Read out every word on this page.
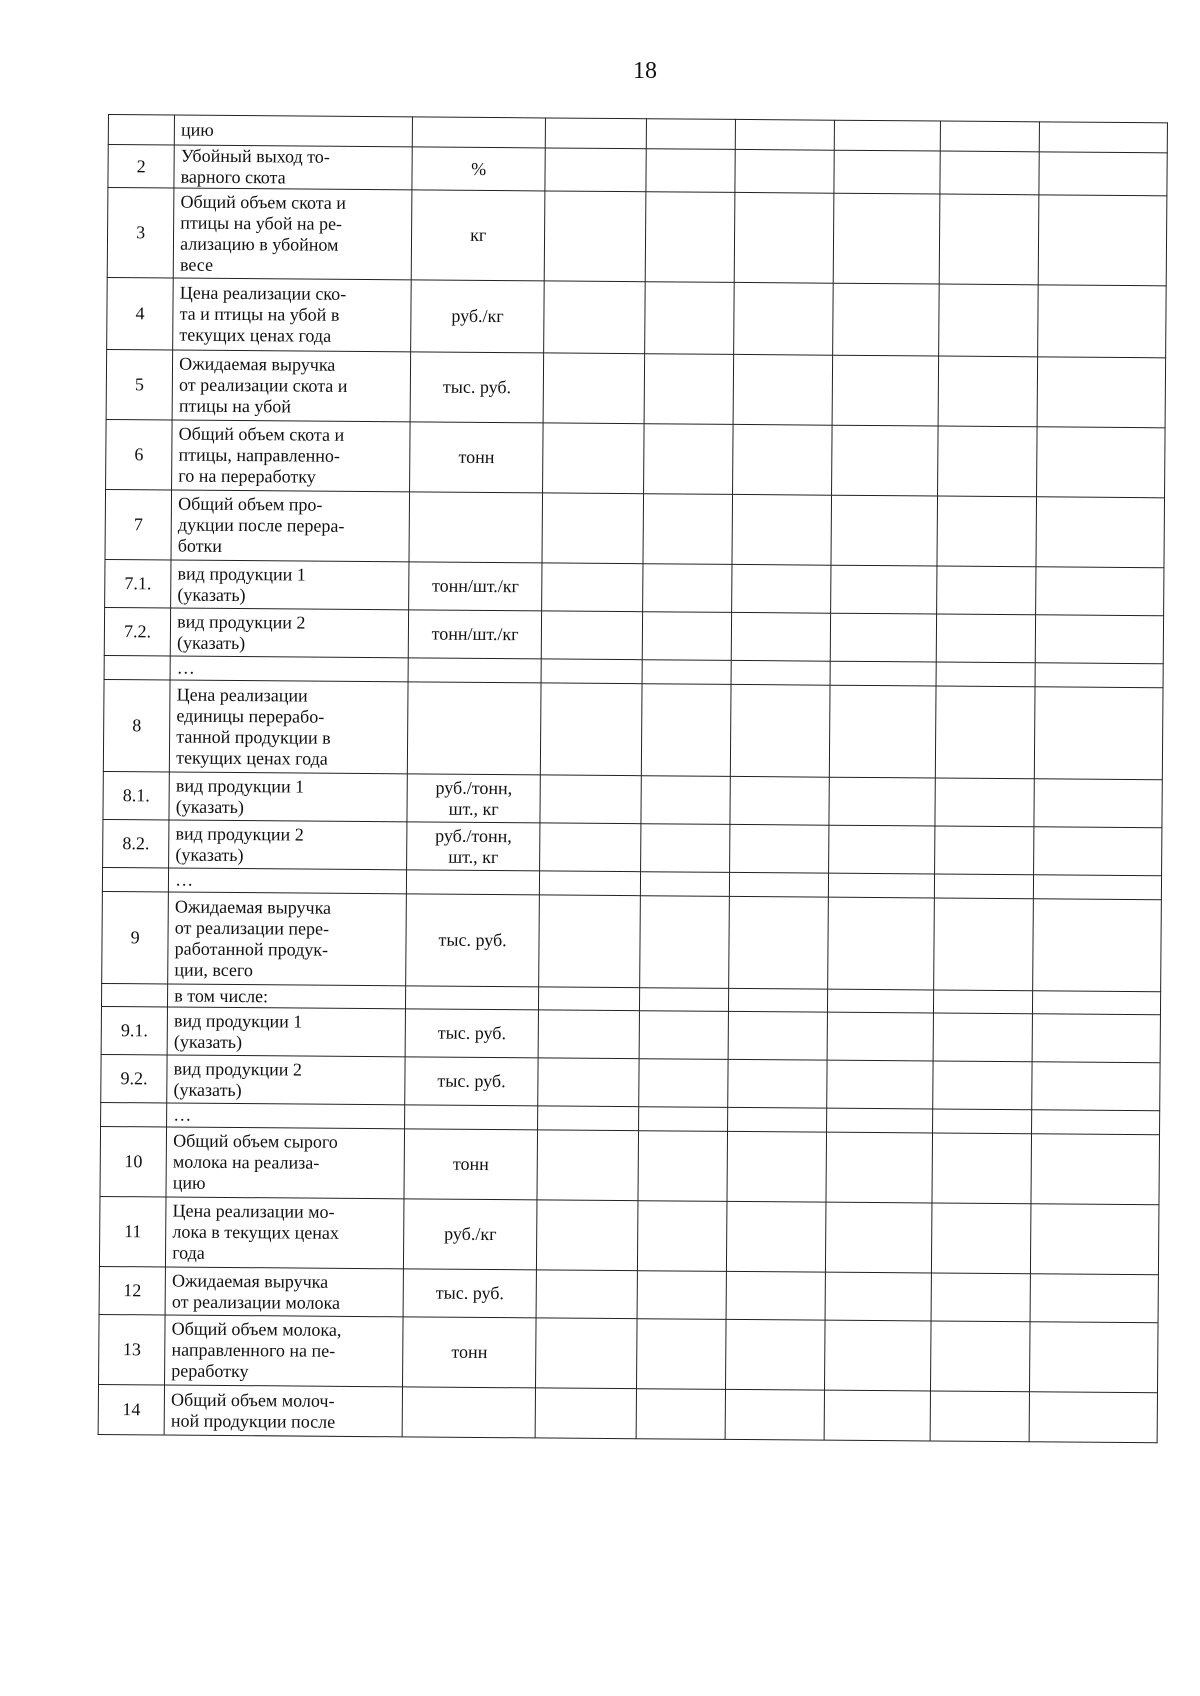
18
	цию							
2	Убойный выход то-
варного скота	%						
3	Общий объем скота и
птицы на убой на ре-
ализацию в убойном
весе	кг						
4	Цена реализации ско-
та и птицы на убой в
текущих ценах года	руб./кг						
5	Ожидаемая выручка
от реализации скота и
птицы на убой	тыс. руб.						
6	Общий объем скота и
птицы, направленно-
го на переработку	тонн						
7	Общий объем про-
дукции после перера-
ботки							
7.1.	вид продукции 1
(указать)	тонн/шт./кг						
7.2.	вид продукции 2
(указать)	тонн/шт./кг						
	…							
8	Цена реализации
единицы перерабо-
танной продукции в
текущих ценах года							
8.1.	вид продукции 1
(указать)	руб./тонн,
шт., кг						
8.2.	вид продукции 2
(указать)	руб./тонн,
шт., кг						
	…							
9	Ожидаемая выручка
от реализации пере-
работанной продук-
ции, всего	тыс. руб.						
	в том числе:							
9.1.	вид продукции 1
(указать)	тыс. руб.						
9.2.	вид продукции 2
(указать)	тыс. руб.						
	…							
10	Общий объем сырого
молока на реализа-
цию	тонн						
11	Цена реализации мо-
лока в текущих ценах
года	руб./кг						
12	Ожидаемая выручка
от реализации молока	тыс. руб.						
13	Общий объем молока,
направленного на пе-
реработку	тонн						
14	Общий объем молоч-
ной продукции после							
